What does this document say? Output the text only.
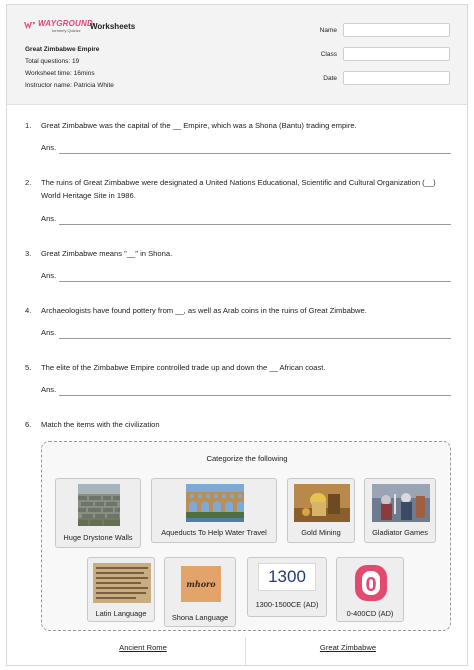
WAYGROUND
formerly Quizizz	Worksheets
Great Zimbabwe Empire
Total questions: 19
Worksheet time: 16mins
Instructor name: Patricia White
Name
Class
Date
1. Great Zimbabwe was the capital of the __ Empire, which was a Shona (Bantu) trading empire.
Ans.
2. The ruins of Great Zimbabwe were designated a United Nations Educational, Scientific and Cultural Organization (__) World Heritage Site in 1986.
Ans.
3. Great Zimbabwe means "__" in Shona.
Ans.
4. Archaeologists have found pottery from __, as well as Arab coins in the ruins of Great Zimbabwe.
Ans.
5. The elite of the Zimbabwe Empire controlled trade up and down the __ African coast.
Ans.
6. Match the items with the civilization
Categorize the following
Huge Drystone Walls
Aqueducts To Help Water Travel	Gold Mining	Gladiator Games
Latin Language
mhoro
Shona Language
1300
1300-1500CE (AD)
0
0-400CD (AD)
Ancient Rome	Great Zimbabwe
